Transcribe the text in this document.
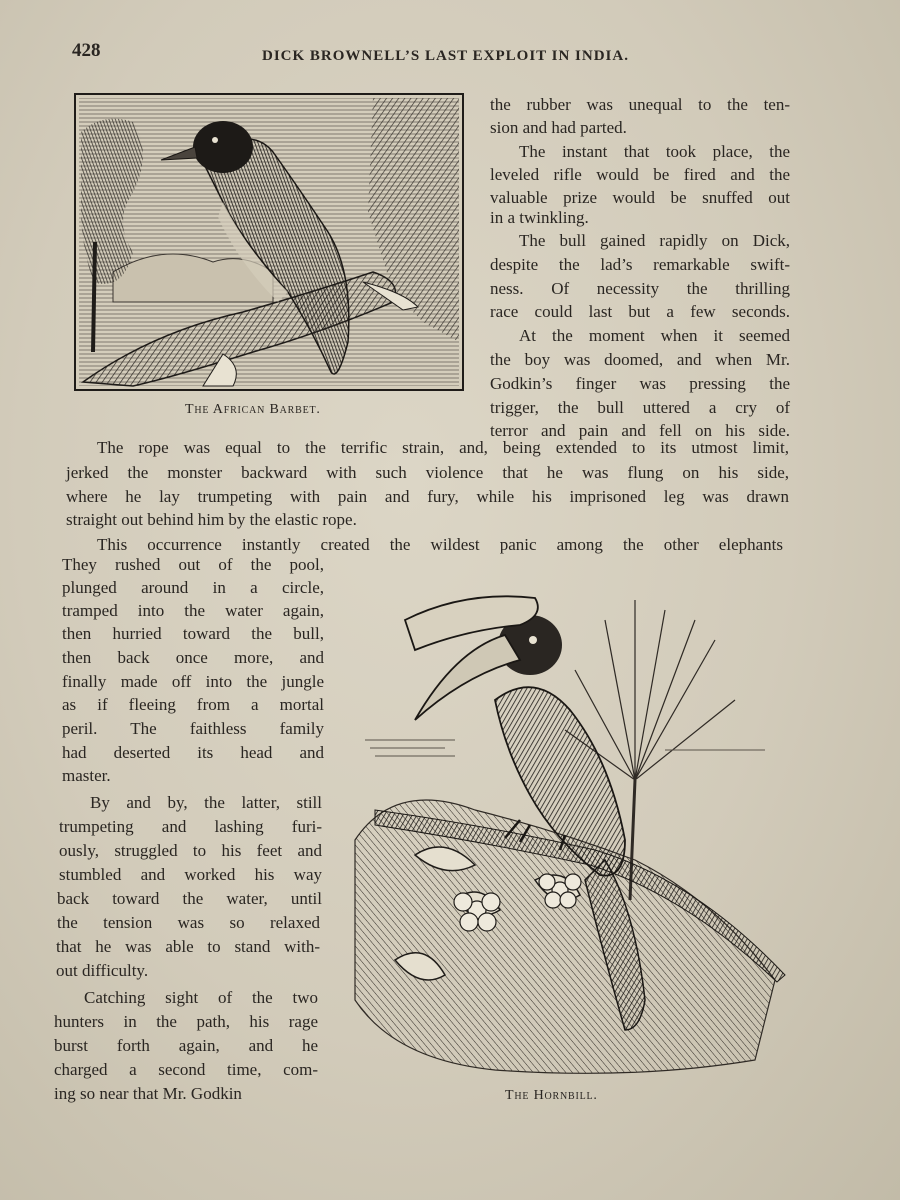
428	DICK BROWNELL’S LAST EXPLOIT IN INDIA.
The African Barbet.
the rubber was unequal to the ten-
sion and had parted.
The instant that took place, the
leveled rifle would be fired and the
valuable prize would be snuffed out
in a twinkling.
The bull gained rapidly on Dick,
despite the lad’s remarkable swift-
ness. Of necessity the thrilling
race could last but a few seconds.
At the moment when it seemed
the boy was doomed, and when Mr.
Godkin’s finger was pressing the
trigger, the bull uttered a cry of
terror and pain and fell on his side.
The rope was equal to the terrific strain, and, being extended to its utmost limit,
jerked the monster backward with such violence that he was flung on his side,
where he lay trumpeting with pain and fury, while his imprisoned leg was drawn
straight out behind him by the elastic rope.
This occurrence instantly created the wildest panic among the other elephants
They rushed out of the pool,
plunged around in a circle,
tramped into the water again,
then hurried toward the bull,
then back once more, and
finally made off into the jungle
as if fleeing from a mortal
peril. The faithless family
had deserted its head and
master.
By and by, the latter, still
trumpeting and lashing furi-
ously, struggled to his feet and
stumbled and worked his way
back toward the water, until
the tension was so relaxed
that he was able to stand with-
out difficulty.
Catching sight of the two
hunters in the path, his rage
burst forth again, and he
charged a second time, com-
ing so near that Mr. Godkin	The Hornbill.
